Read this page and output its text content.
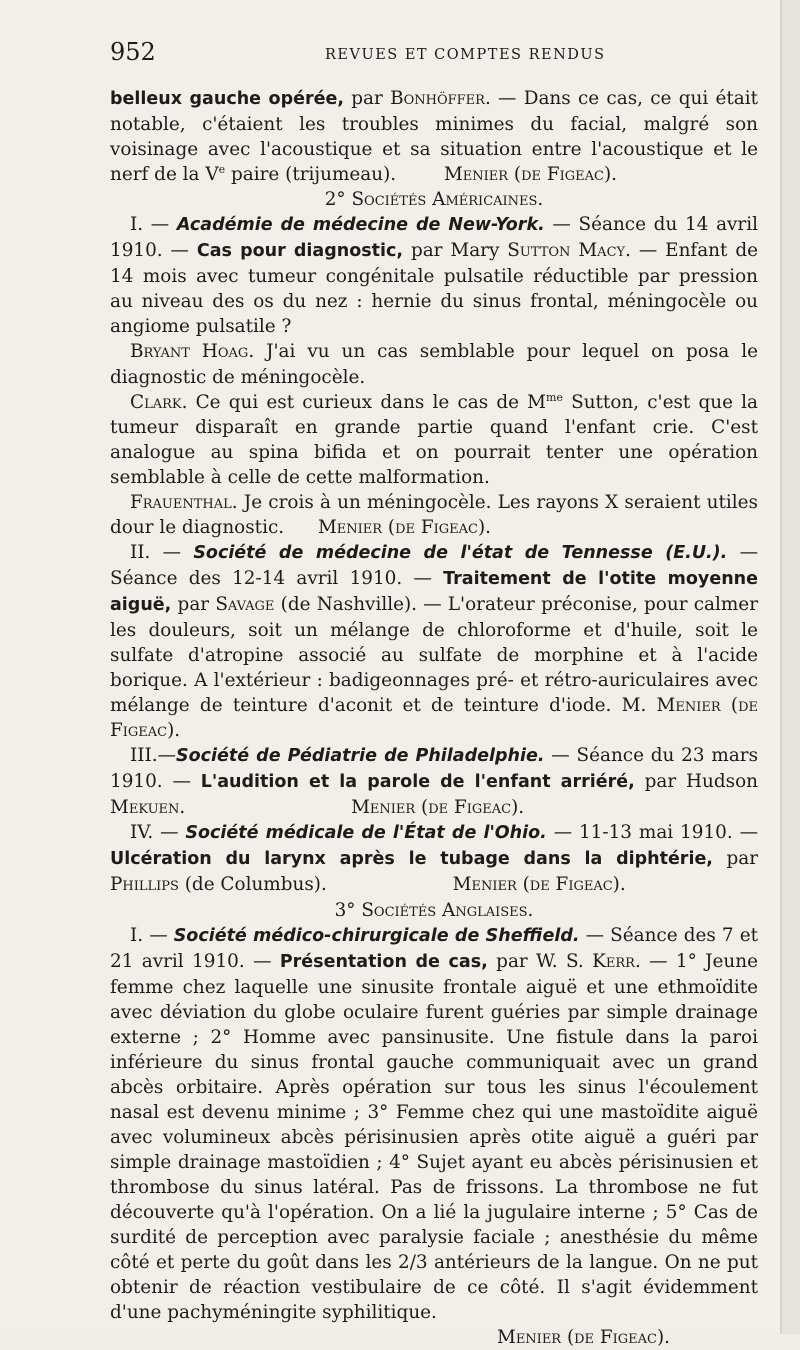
952	REVUES ET COMPTES RENDUS

belleux gauche opérée, par Bonhöffer. — Dans ce cas, ce qui était notable, c'étaient les troubles minimes du facial, malgré son voisinage avec l'acoustique et sa situation entre l'acoustique et le nerf de la Ve paire (trijumeau). Menier (de Figeac).

2° Sociétés Américaines.

I. — Académie de médecine de New-York. — Séance du 14 avril 1910. — Cas pour diagnostic, par Mary Sutton Macy. — Enfant de 14 mois avec tumeur congénitale pulsatile réductible par pression au niveau des os du nez : hernie du sinus frontal, méningocèle ou angiome pulsatile ?

Bryant Hoag. J'ai vu un cas semblable pour lequel on posa le diagnostic de méningocèle.

Clark. Ce qui est curieux dans le cas de $M^{me}$ Sutton, c'est que la tumeur disparaît en grande partie quand l'enfant crie. C'est analogue au spina bifida et on pourrait tenter une opération semblable à celle de cette malformation.

Frauenthal. Je crois à un méningocèle. Les rayons X seraient utiles dour le diagnostic. Menier (de Figeac).

II. — Société de médecine de l'état de Tennesse (E.U.). — Séance des 12-14 avril 1910. — Traitement de l'otite moyenne aiguë, par Savage (de Nashville). — L'orateur préconise, pour calmer les douleurs, soit un mélange de chloroforme et d'huile, soit le sulfate d'atropine associé au sulfate de morphine et à l'acide borique. A l'extérieur : badigeonnages pré- et rétro-auriculaires avec mélange de teinture d'aconit et de teinture d'iode. M. Menier (de Figeac).

III.—Société de Pédiatrie de Philadelphie. — Séance du 23 mars 1910. — L'audition et la parole de l'enfant arriéré, par Hudson Mekuen.	Menier (de Figeac).

IV. — Société médicale de l'État de l'Ohio. — 11-13 mai 1910. — Ulcération du larynx après le tubage dans la diphtérie, par Phillips (de Columbus).	Menier (de Figeac).

3° Sociétés Anglaises.

I. — Société médico-chirurgicale de Sheffield. — Séance des 7 et 21 avril 1910. — Présentation de cas, par W. S. Kerr. — 1° Jeune femme chez laquelle une sinusite frontale aiguë et une ethmoïdite avec déviation du globe oculaire furent guéries par simple drainage externe ; 2° Homme avec pansinusite. Une fistule dans la paroi inférieure du sinus frontal gauche communiquait avec un grand abcès orbitaire. Après opération sur tous les sinus l'écoulement nasal est devenu minime ; 3° Femme chez qui une mastoïdite aiguë avec volumineux abcès périsinusien après otite aiguë a guéri par simple drainage mastoïdien ; 4° Sujet ayant eu abcès périsinusien et thrombose du sinus latéral. Pas de frissons. La thrombose ne fut découverte qu'à l'opération. On a lié la jugulaire interne ; 5° Cas de surdité de perception avec paralysie faciale ; anesthésie du même côté et perte du goût dans les 2/3 antérieurs de la langue. On ne put obtenir de réaction vestibulaire de ce côté. Il s'agit évidemment d'une pachyméningite syphilitique.

Menier (de Figeac).
